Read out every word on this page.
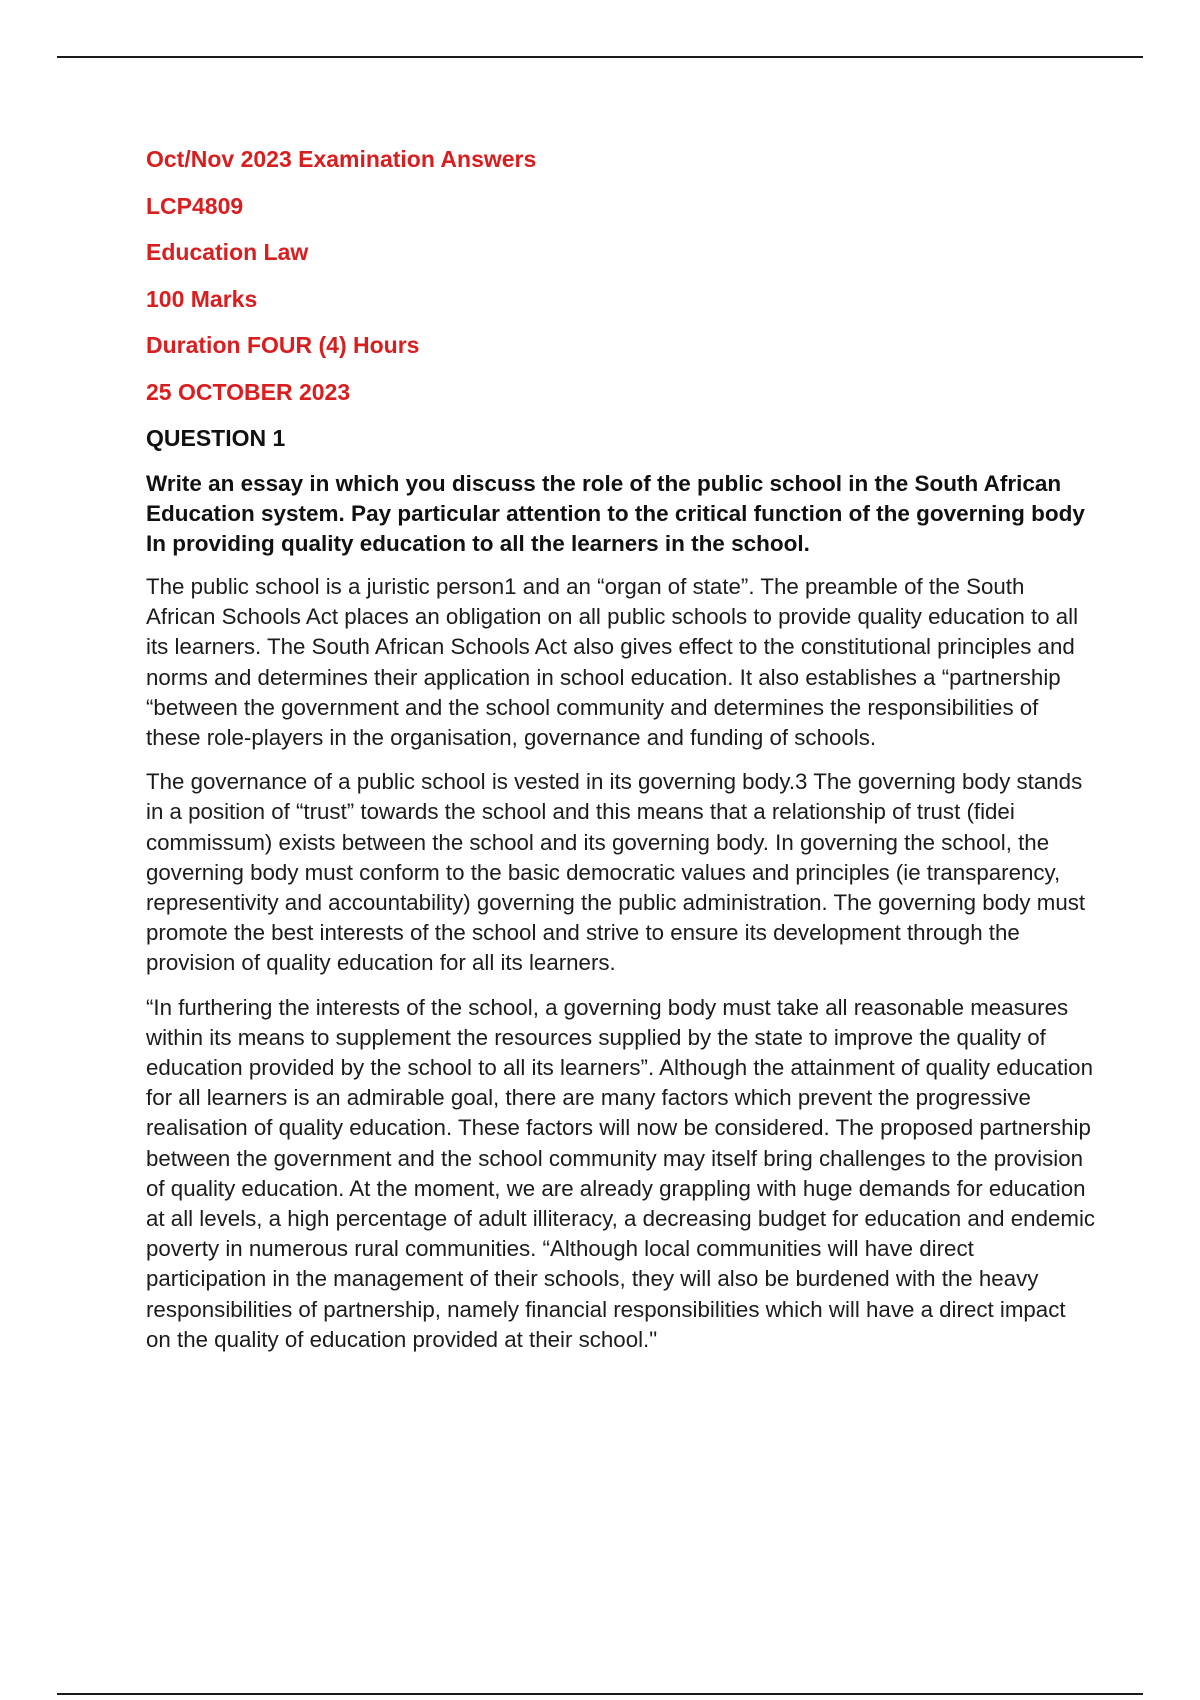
Oct/Nov 2023 Examination Answers
LCP4809
Education Law
100 Marks
Duration FOUR (4) Hours
25 OCTOBER 2023
QUESTION 1
Write an essay in which you discuss the role of the public school in the South African Education system. Pay particular attention to the critical function of the governing body In providing quality education to all the learners in the school.

The public school is a juristic person1 and an “organ of state”. The preamble of the South African Schools Act places an obligation on all public schools to provide quality education to all its learners. The South African Schools Act also gives effect to the constitutional principles and norms and determines their application in school education. It also establishes a “partnership “between the government and the school community and determines the responsibilities of these role-players in the organisation, governance and funding of schools.

The governance of a public school is vested in its governing body.3 The governing body stands in a position of “trust” towards the school and this means that a relationship of trust (fidei commissum) exists between the school and its governing body. In governing the school, the governing body must conform to the basic democratic values and principles (ie transparency, representivity and accountability) governing the public administration. The governing body must promote the best interests of the school and strive to ensure its development through the provision of quality education for all its learners.

“In furthering the interests of the school, a governing body must take all reasonable measures within its means to supplement the resources supplied by the state to improve the quality of education provided by the school to all its learners”. Although the attainment of quality education for all learners is an admirable goal, there are many factors which prevent the progressive realisation of quality education. These factors will now be considered. The proposed partnership between the government and the school community may itself bring challenges to the provision of quality education. At the moment, we are already grappling with huge demands for education at all levels, a high percentage of adult illiteracy, a decreasing budget for education and endemic poverty in numerous rural communities. “Although local communities will have direct participation in the management of their schools, they will also be burdened with the heavy responsibilities of partnership, namely financial responsibilities which will have a direct impact on the quality of education provided at their school."
